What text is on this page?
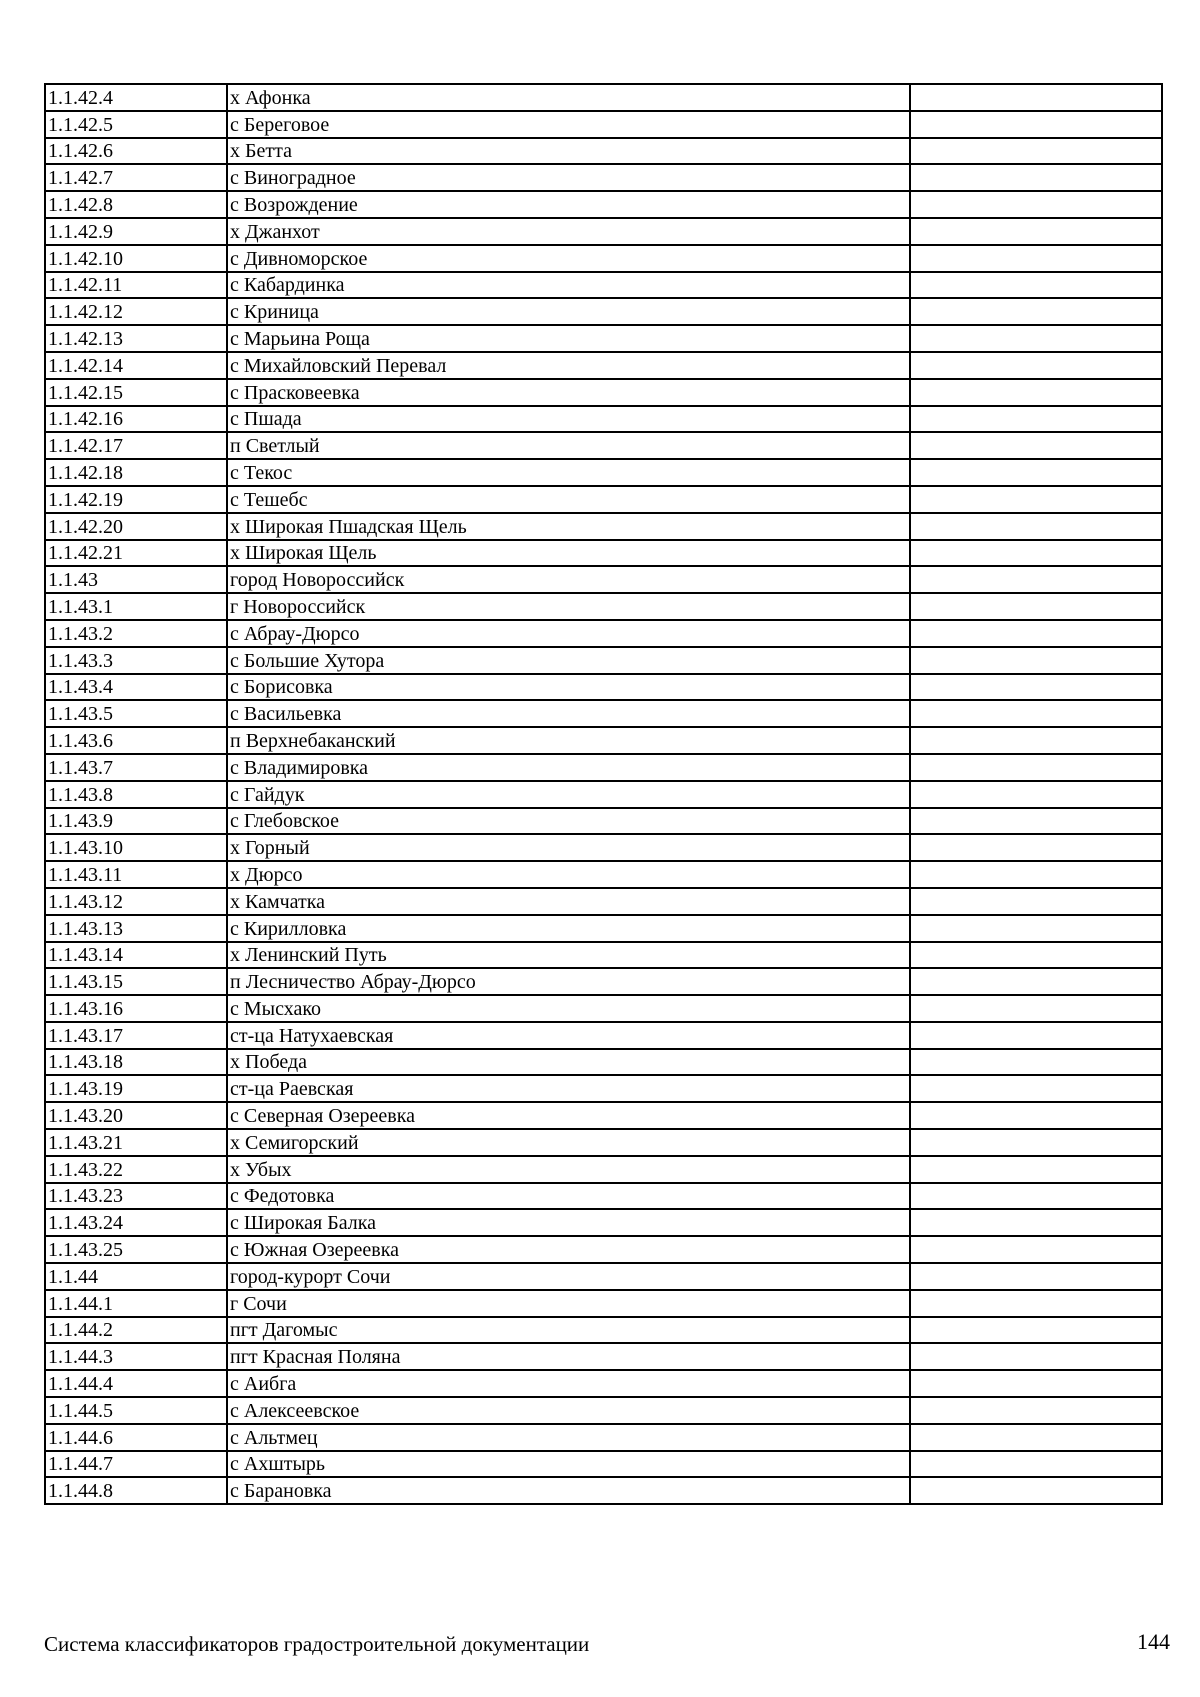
1.1.42.4	х Афонка	
1.1.42.5	с Береговое	
1.1.42.6	х Бетта	
1.1.42.7	с Виноградное	
1.1.42.8	с Возрождение	
1.1.42.9	х Джанхот	
1.1.42.10	с Дивноморское	
1.1.42.11	с Кабардинка	
1.1.42.12	с Криница	
1.1.42.13	с Марьина Роща	
1.1.42.14	с Михайловский Перевал	
1.1.42.15	с Прасковеевка	
1.1.42.16	с Пшада	
1.1.42.17	п Светлый	
1.1.42.18	с Текос	
1.1.42.19	с Тешебс	
1.1.42.20	х Широкая Пшадская Щель	
1.1.42.21	х Широкая Щель	
1.1.43	город Новороссийск	
1.1.43.1	г Новороссийск	
1.1.43.2	с Абрау-Дюрсо	
1.1.43.3	с Большие Хутора	
1.1.43.4	с Борисовка	
1.1.43.5	с Васильевка	
1.1.43.6	п Верхнебаканский	
1.1.43.7	с Владимировка	
1.1.43.8	с Гайдук	
1.1.43.9	с Глебовское	
1.1.43.10	х Горный	
1.1.43.11	х Дюрсо	
1.1.43.12	х Камчатка	
1.1.43.13	с Кирилловка	
1.1.43.14	х Ленинский Путь	
1.1.43.15	п Лесничество Абрау-Дюрсо	
1.1.43.16	с Мысхако	
1.1.43.17	ст-ца Натухаевская	
1.1.43.18	х Победа	
1.1.43.19	ст-ца Раевская	
1.1.43.20	с Северная Озереевка	
1.1.43.21	х Семигорский	
1.1.43.22	х Убых	
1.1.43.23	с Федотовка	
1.1.43.24	с Широкая Балка	
1.1.43.25	с Южная Озереевка	
1.1.44	город-курорт Сочи	
1.1.44.1	г Сочи	
1.1.44.2	пгт Дагомыс	
1.1.44.3	пгт Красная Поляна	
1.1.44.4	с Аибга	
1.1.44.5	с Алексеевское	
1.1.44.6	с Альтмец	
1.1.44.7	с Ахштырь	
1.1.44.8	с Барановка	
Система классификаторов градостроительной документации	144
